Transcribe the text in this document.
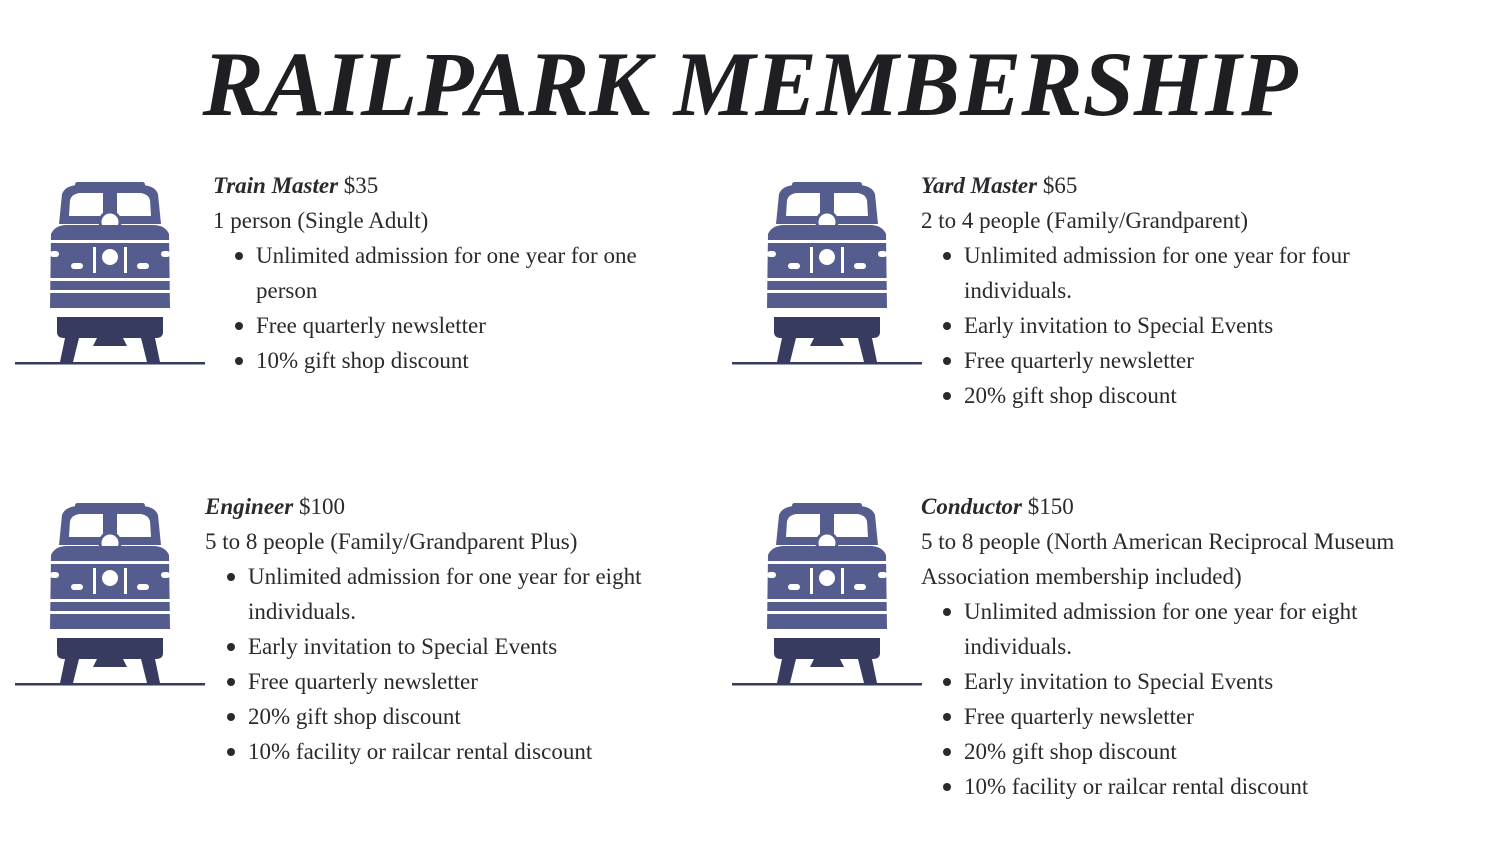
RAILPARK MEMBERSHIP
Train Master $35
1 person (Single Adult)
Unlimited admission for one year for one person
Free quarterly newsletter
10% gift shop discount
Yard Master $65
2 to 4 people (Family/Grandparent)
Unlimited admission for one year for four individuals.
Early invitation to Special Events
Free quarterly newsletter
20% gift shop discount
Engineer $100
5 to 8 people (Family/Grandparent Plus)
Unlimited admission for one year for eight individuals.
Early invitation to Special Events
Free quarterly newsletter
20% gift shop discount
10% facility or railcar rental discount
Conductor $150
5 to 8 people (North American Reciprocal Museum Association membership included)
Unlimited admission for one year for eight individuals.
Early invitation to Special Events
Free quarterly newsletter
20% gift shop discount
10% facility or railcar rental discount
